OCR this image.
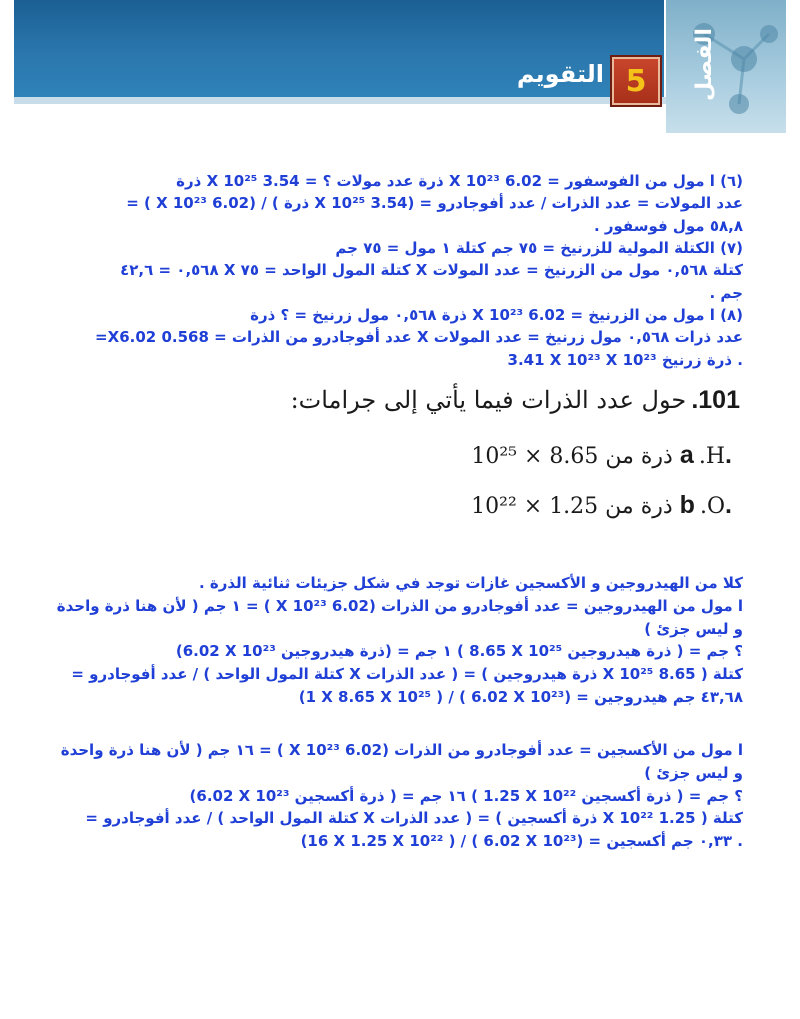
الفصل
5
التقويم
(٦) ا مول من الفوسفور = 6.02 X 10²³ ذرة عدد مولات ؟ = 3.54 X 10²⁵ ذرة
عدد المولات = عدد الذرات / عدد أفوجادرو = (3.54 X 10²⁵ ذرة ) / (6.02 X 10²³ ) =
٥٨,٨ مول فوسفور .
(٧) الكتلة المولية للزرنيخ = ٧٥ جم كتلة ١ مول = ٧٥ جم
كتلة ٠,٥٦٨ مول من الزرنيخ = عدد المولات X كتلة المول الواحد = ٧٥ X ٠,٥٦٨ = ٤٢,٦
جم .
(٨) ا مول من الزرنيخ = 6.02 X 10²³ ذرة ٠,٥٦٨ مول زرنيخ = ؟ ذرة
عدد ذرات ٠,٥٦٨ مول زرنيخ = عدد المولات X عدد أفوجادرو من الذرات = 0.568 X6.02=
3.41 X 10²³ X 10²³ ذرة زرنيخ .
101. حول عدد الذرات فيما يأتي إلى جرامات:
.a .H ذرة من 8.65 × 10²⁵
.b .O ذرة من 1.25 × 10²²
كلا من الهيدروجين و الأكسجين غازات توجد في شكل جزيئات ثنائية الذرة .
ا مول من الهيدروجين = عدد أفوجادرو من الذرات (6.02 X 10²³ ) = ١ جم ( لأن هنا ذرة واحدة
و ليس جزئ )
(6.02 X 10²³ ذرة هيدروجين) = ١ جم ( 8.65 X 10²⁵ ذرة هيدروجين ) = ؟ جم
كتلة ( 8.65 X 10²⁵ ذرة هيدروجين ) = ( عدد الذرات X كتلة المول الواحد ) / عدد أفوجادرو =
(1 X 8.65 X 10²⁵ ) / ( 6.02 X 10²³) = ٤٣,٦٨ جم هيدروجين
ا مول من الأكسجين = عدد أفوجادرو من الذرات (6.02 X 10²³ ) = ١٦ جم ( لأن هنا ذرة واحدة
و ليس جزئ )
(6.02 X 10²³ ذرة أكسجين ) = ١٦ جم ( 1.25 X 10²² ذرة أكسجين ) = ؟ جم
كتلة ( 1.25 X 10²² ذرة أكسجين ) = ( عدد الذرات X كتلة المول الواحد ) / عدد أفوجادرو =
(16 X 1.25 X 10²² ) / ( 6.02 X 10²³) = ٠,٣٣ جم أكسجين .
